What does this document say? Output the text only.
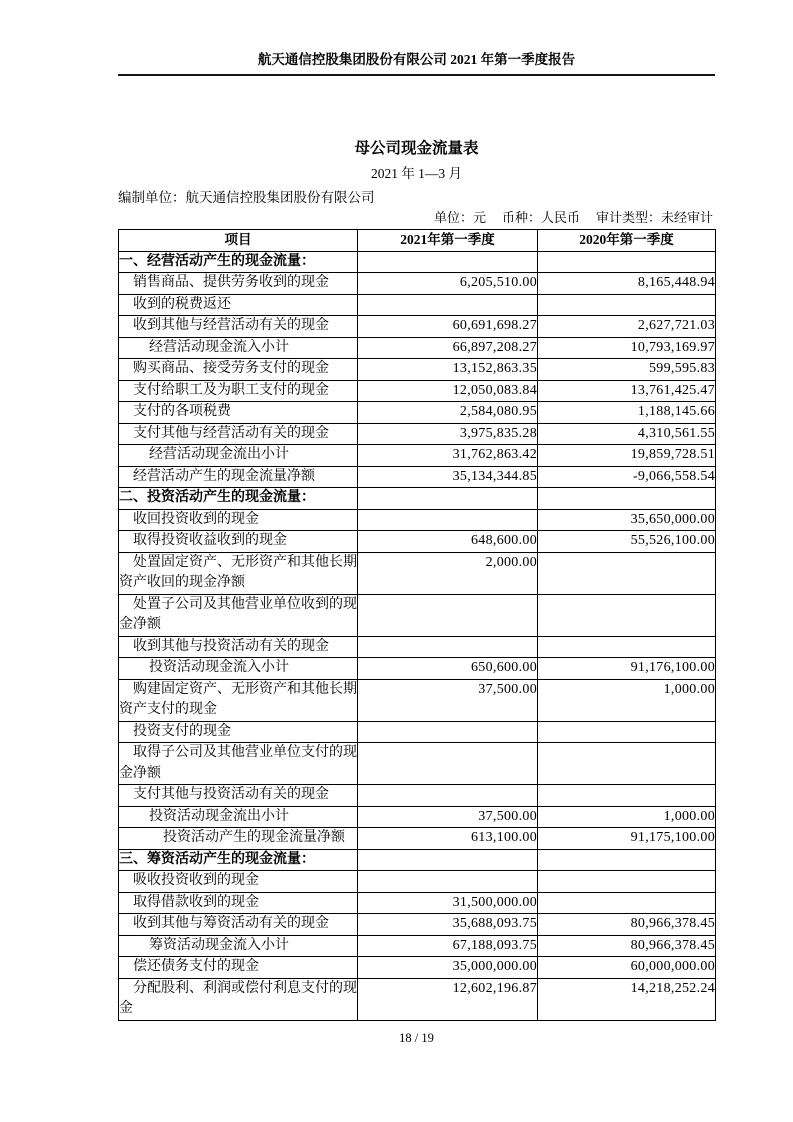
航天通信控股集团股份有限公司 2021 年第一季度报告
母公司现金流量表
2021 年 1—3 月
编制单位：航天通信控股集团股份有限公司
单位：元 币种：人民币 审计类型：未经审计
项目	2021年第一季度	2020年第一季度
一、经营活动产生的现金流量：		
销售商品、提供劳务收到的现金	6,205,510.00	8,165,448.94
收到的税费返还		
收到其他与经营活动有关的现金	60,691,698.27	2,627,721.03
经营活动现金流入小计	66,897,208.27	10,793,169.97
购买商品、接受劳务支付的现金	13,152,863.35	599,595.83
支付给职工及为职工支付的现金	12,050,083.84	13,761,425.47
支付的各项税费	2,584,080.95	1,188,145.66
支付其他与经营活动有关的现金	3,975,835.28	4,310,561.55
经营活动现金流出小计	31,762,863.42	19,859,728.51
经营活动产生的现金流量净额	35,134,344.85	-9,066,558.54
二、投资活动产生的现金流量：		
收回投资收到的现金		35,650,000.00
取得投资收益收到的现金	648,600.00	55,526,100.00
处置固定资产、无形资产和其他长期资产收回的现金净额	2,000.00	
处置子公司及其他营业单位收到的现金净额		
收到其他与投资活动有关的现金		
投资活动现金流入小计	650,600.00	91,176,100.00
购建固定资产、无形资产和其他长期资产支付的现金	37,500.00	1,000.00
投资支付的现金		
取得子公司及其他营业单位支付的现金净额		
支付其他与投资活动有关的现金		
投资活动现金流出小计	37,500.00	1,000.00
投资活动产生的现金流量净额	613,100.00	91,175,100.00
三、筹资活动产生的现金流量：		
吸收投资收到的现金		
取得借款收到的现金	31,500,000.00	
收到其他与筹资活动有关的现金	35,688,093.75	80,966,378.45
筹资活动现金流入小计	67,188,093.75	80,966,378.45
偿还债务支付的现金	35,000,000.00	60,000,000.00
分配股利、利润或偿付利息支付的现金	12,602,196.87	14,218,252.24
18 / 19
